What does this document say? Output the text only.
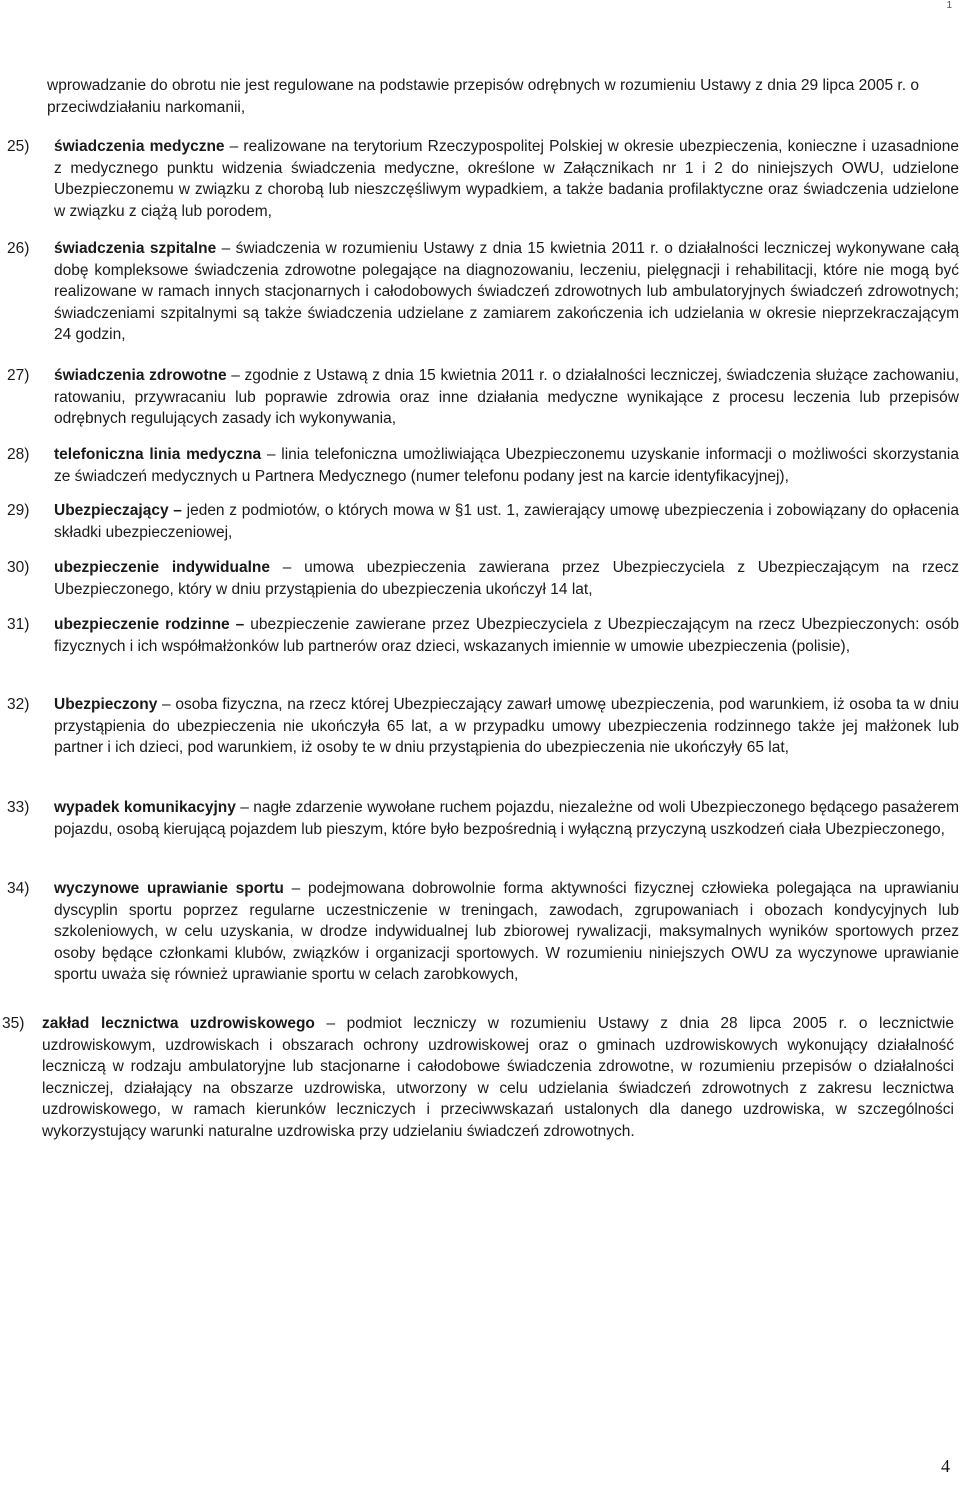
1

wprowadzanie do obrotu nie jest regulowane na podstawie przepisów odrębnych w rozumieniu Ustawy z dnia 29 lipca 2005 r. o przeciwdziałaniu narkomanii,

25)	świadczenia medyczne – realizowane na terytorium Rzeczypospolitej Polskiej w okresie ubezpieczenia, konieczne i uzasadnione z medycznego punktu widzenia świadczenia medyczne, określone w Załącznikach nr 1 i 2 do niniejszych OWU, udzielone Ubezpieczonemu w związku z chorobą lub nieszczęśliwym wypadkiem, a także badania profilaktyczne oraz świadczenia udzielone w związku z ciążą lub porodem,
26)	świadczenia szpitalne – świadczenia w rozumieniu Ustawy z dnia 15 kwietnia 2011 r. o działalności leczniczej wykonywane całą dobę kompleksowe świadczenia zdrowotne polegające na diagnozowaniu, leczeniu, pielęgnacji i rehabilitacji, które nie mogą być realizowane w ramach innych stacjonarnych i całodobowych świadczeń zdrowotnych lub ambulatoryjnych świadczeń zdrowotnych; świadczeniami szpitalnymi są także świadczenia udzielane z zamiarem zakończenia ich udzielania w okresie nieprzekraczającym 24 godzin,
27)	świadczenia zdrowotne – zgodnie z Ustawą z dnia 15 kwietnia 2011 r. o działalności leczniczej, świadczenia służące zachowaniu, ratowaniu, przywracaniu lub poprawie zdrowia oraz inne działania medyczne wynikające z procesu leczenia lub przepisów odrębnych regulujących zasady ich wykonywania,
28)	telefoniczna linia medyczna – linia telefoniczna umożliwiająca Ubezpieczonemu uzyskanie informacji o możliwości skorzystania ze świadczeń medycznych u Partnera Medycznego (numer telefonu podany jest na karcie identyfikacyjnej),
29)	Ubezpieczający – jeden z podmiotów, o których mowa w §1 ust. 1, zawierający umowę ubezpieczenia i zobowiązany do opłacenia składki ubezpieczeniowej,
30)	ubezpieczenie indywidualne – umowa ubezpieczenia zawierana przez Ubezpieczyciela z Ubezpieczającym na rzecz Ubezpieczonego, który w dniu przystąpienia do ubezpieczenia ukończył 14 lat,
31)	ubezpieczenie rodzinne – ubezpieczenie zawierane przez Ubezpieczyciela z Ubezpieczającym na rzecz Ubezpieczonych: osób fizycznych i ich współmałżonków lub partnerów oraz dzieci, wskazanych imiennie w umowie ubezpieczenia (polisie),
32)	Ubezpieczony – osoba fizyczna, na rzecz której Ubezpieczający zawarł umowę ubezpieczenia, pod warunkiem, iż osoba ta w dniu przystąpienia do ubezpieczenia nie ukończyła 65 lat, a w przypadku umowy ubezpieczenia rodzinnego także jej małżonek lub partner i ich dzieci, pod warunkiem, iż osoby te w dniu przystąpienia do ubezpieczenia nie ukończyły 65 lat,
33)	wypadek komunikacyjny – nagłe zdarzenie wywołane ruchem pojazdu, niezależne od woli Ubezpieczonego będącego pasażerem pojazdu, osobą kierującą pojazdem lub pieszym, które było bezpośrednią i wyłączną przyczyną uszkodzeń ciała Ubezpieczonego,
34)	wyczynowe uprawianie sportu – podejmowana dobrowolnie forma aktywności fizycznej człowieka polegająca na uprawianiu dyscyplin sportu poprzez regularne uczestniczenie w treningach, zawodach, zgrupowaniach i obozach kondycyjnych lub szkoleniowych, w celu uzyskania, w drodze indywidualnej lub zbiorowej rywalizacji, maksymalnych wyników sportowych przez osoby będące członkami klubów, związków i organizacji sportowych. W rozumieniu niniejszych OWU za wyczynowe uprawianie sportu uważa się również uprawianie sportu w celach zarobkowych,
35)	zakład lecznictwa uzdrowiskowego – podmiot leczniczy w rozumieniu Ustawy z dnia 28 lipca 2005 r. o lecznictwie uzdrowiskowym, uzdrowiskach i obszarach ochrony uzdrowiskowej oraz o gminach uzdrowiskowych wykonujący działalność leczniczą w rodzaju ambulatoryjne lub stacjonarne i całodobowe świadczenia zdrowotne, w rozumieniu przepisów o działalności leczniczej, działający na obszarze uzdrowiska, utworzony w celu udzielania świadczeń zdrowotnych z zakresu lecznictwa uzdrowiskowego, w ramach kierunków leczniczych i przeciwwskazań ustalonych dla danego uzdrowiska, w szczególności wykorzystujący warunki naturalne uzdrowiska przy udzielaniu świadczeń zdrowotnych.
4
